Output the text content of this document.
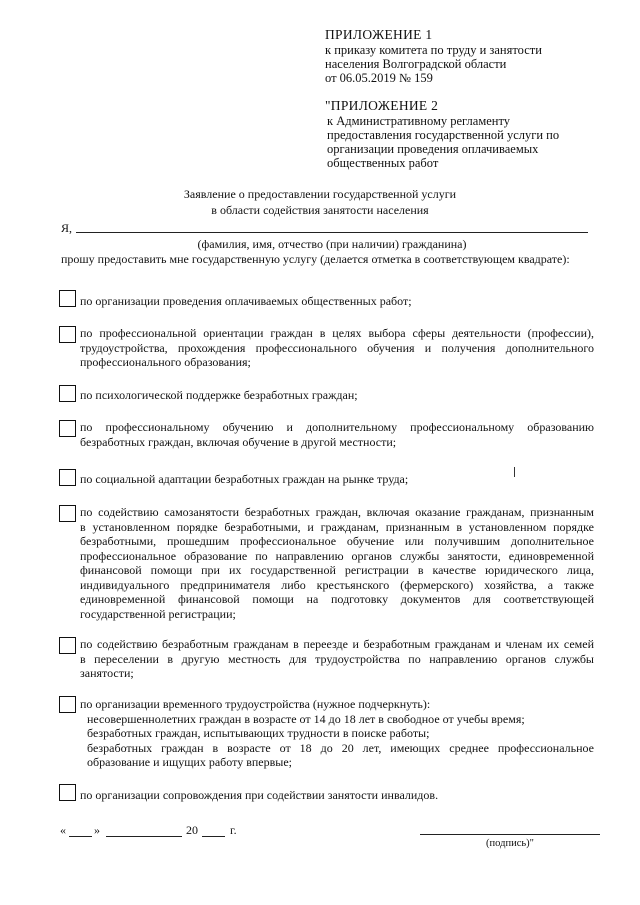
ПРИЛОЖЕНИЕ 1
к приказу комитета по труду и занятости
населения Волгоградской области
от 06.05.2019 № 159
"ПРИЛОЖЕНИЕ 2
к Административному регламенту
предоставления государственной услуги по
организации проведения оплачиваемых
общественных работ
Заявление о предоставлении государственной услуги
в области содействия занятости населения
Я,
(фамилия, имя, отчество (при наличии) гражданина)
прошу предоставить мне государственную услугу (делается отметка в соответствующем квадрате):
по организации проведения оплачиваемых общественных работ;
по профессиональной ориентации граждан в целях выбора сферы деятельности (профессии),
трудоустройства, прохождения профессионального обучения и получения дополнительного
профессионального образования;
по психологической поддержке безработных граждан;
по профессиональному обучению и дополнительному профессиональному образованию
безработных граждан, включая обучение в другой местности;
по социальной адаптации безработных граждан на рынке труда;
по содействию самозанятости безработных граждан, включая оказание гражданам, признанным
в установленном порядке безработными, и гражданам, признанным в установленном порядке
безработными, прошедшим профессиональное обучение или получившим дополнительное
профессиональное образование по направлению органов службы занятости, единовременной
финансовой помощи при их государственной регистрации в качестве юридического лица,
индивидуального предпринимателя либо крестьянского (фермерского) хозяйства, а также
единовременной финансовой помощи на подготовку документов для соответствующей
государственной регистрации;
по содействию безработным гражданам в переезде и безработным гражданам и членам их семей
в переселении в другую местность для трудоустройства по направлению органов службы
занятости;
по организации временного трудоустройства (нужное подчеркнуть):
несовершеннолетних граждан в возрасте от 14 до 18 лет в свободное от учебы время;
безработных граждан, испытывающих трудности в поиске работы;
безработных граждан в возрасте от 18 до 20 лет, имеющих среднее профессиональное
образование и ищущих работу впервые;
по организации сопровождения при содействии занятости инвалидов.
« »	20	г.
(подпись)"
